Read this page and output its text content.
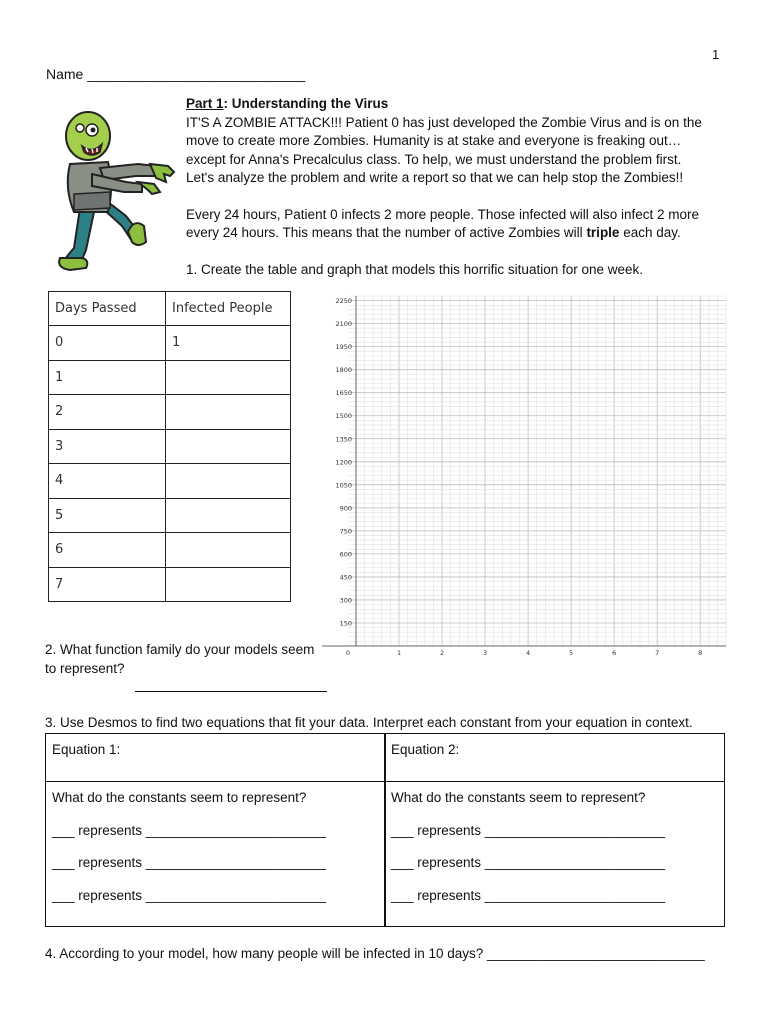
1
Name ____________________________

Part 1: Understanding the Virus

IT'S A ZOMBIE ATTACK!!! Patient 0 has just developed the Zombie Virus and is on the

move to create more Zombies. Humanity is at stake and everyone is freaking out…

except for Anna's Precalculus class. To help, we must understand the problem first.

Let's analyze the problem and write a report so that we can help stop the Zombies!!

Every 24 hours, Patient 0 infects 2 more people. Those infected will also infect 2 more

every 24 hours. This means that the number of active Zombies will triple each day.

1. Create the table and graph that models this horrific situation for one week.

Days Passed	Infected People
0	1
1	
2	
3	
4	
5	
6	
7	
150
300
450
600
750
900
1050
1200
1350
1500
1650
1800
1950
2100
2250
0	1	2	3	4	5	6	7	8
2. What function family do your models seem
to represent?
3. Use Desmos to find two equations that fit your data. Interpret each constant from your equation in context.
Equation 1:	Equation 2:
What do the constants seem to represent?	What do the constants seem to represent?
___ represents ________________________
___ represents ________________________
___ represents ________________________
___ represents ________________________
___ represents ________________________
___ represents ________________________
4. According to your model, how many people will be infected in 10 days? _____________________________
